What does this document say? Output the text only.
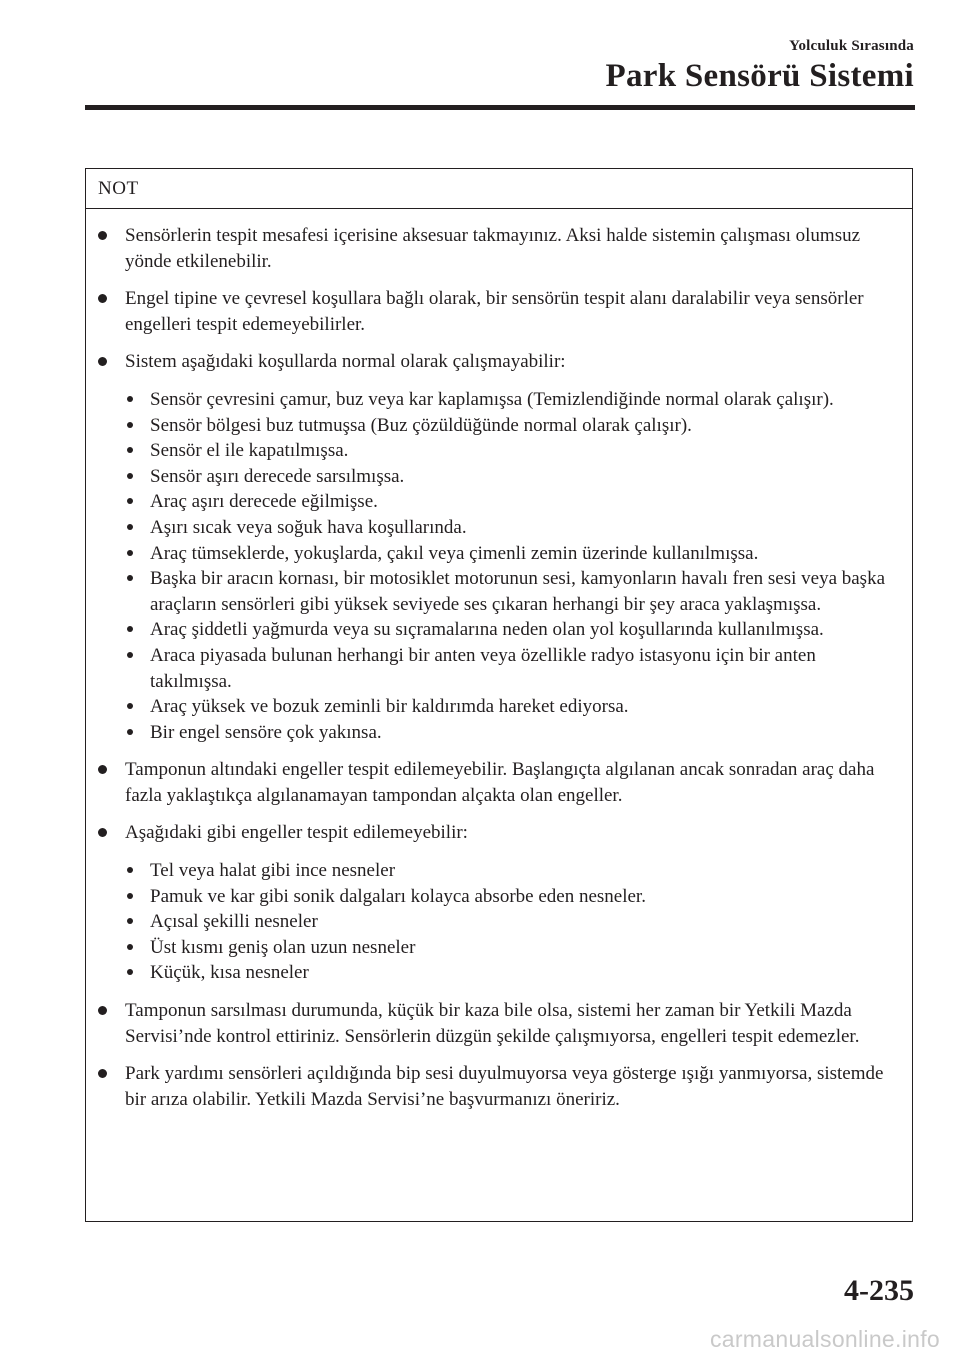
Yolculuk Sırasında
Park Sensörü Sistemi
NOT
Sensörlerin tespit mesafesi içerisine aksesuar takmayınız. Aksi halde sistemin çalışması olumsuz yönde etkilenebilir.
Engel tipine ve çevresel koşullara bağlı olarak, bir sensörün tespit alanı daralabilir veya sensörler engelleri tespit edemeyebilirler.
Sistem aşağıdaki koşullarda normal olarak çalışmayabilir:
Sensör çevresini çamur, buz veya kar kaplamışsa (Temizlendiğinde normal olarak çalışır).
Sensör bölgesi buz tutmuşsa (Buz çözüldüğünde normal olarak çalışır).
Sensör el ile kapatılmışsa.
Sensör aşırı derecede sarsılmışsa.
Araç aşırı derecede eğilmişse.
Aşırı sıcak veya soğuk hava koşullarında.
Araç tümseklerde, yokuşlarda, çakıl veya çimenli zemin üzerinde kullanılmışsa.
Başka bir aracın kornası, bir motosiklet motorunun sesi, kamyonların havalı fren sesi veya başka araçların sensörleri gibi yüksek seviyede ses çıkaran herhangi bir şey araca yaklaşmışsa.
Araç şiddetli yağmurda veya su sıçramalarına neden olan yol koşullarında kullanılmışsa.
Araca piyasada bulunan herhangi bir anten veya özellikle radyo istasyonu için bir anten takılmışsa.
Araç yüksek ve bozuk zeminli bir kaldırımda hareket ediyorsa.
Bir engel sensöre çok yakınsa.
Tamponun altındaki engeller tespit edilemeyebilir. Başlangıçta algılanan ancak sonradan araç daha fazla yaklaştıkça algılanamayan tampondan alçakta olan engeller.
Aşağıdaki gibi engeller tespit edilemeyebilir:
Tel veya halat gibi ince nesneler
Pamuk ve kar gibi sonik dalgaları kolayca absorbe eden nesneler.
Açısal şekilli nesneler
Üst kısmı geniş olan uzun nesneler
Küçük, kısa nesneler
Tamponun sarsılması durumunda, küçük bir kaza bile olsa, sistemi her zaman bir Yetkili Mazda Servisi’nde kontrol ettiriniz. Sensörlerin düzgün şekilde çalışmıyorsa, engelleri tespit edemezler.
Park yardımı sensörleri açıldığında bip sesi duyulmuyorsa veya gösterge ışığı yanmıyorsa, sistemde bir arıza olabilir. Yetkili Mazda Servisi’ne başvurmanızı öneririz.
4-235
carmanualsonline.info
